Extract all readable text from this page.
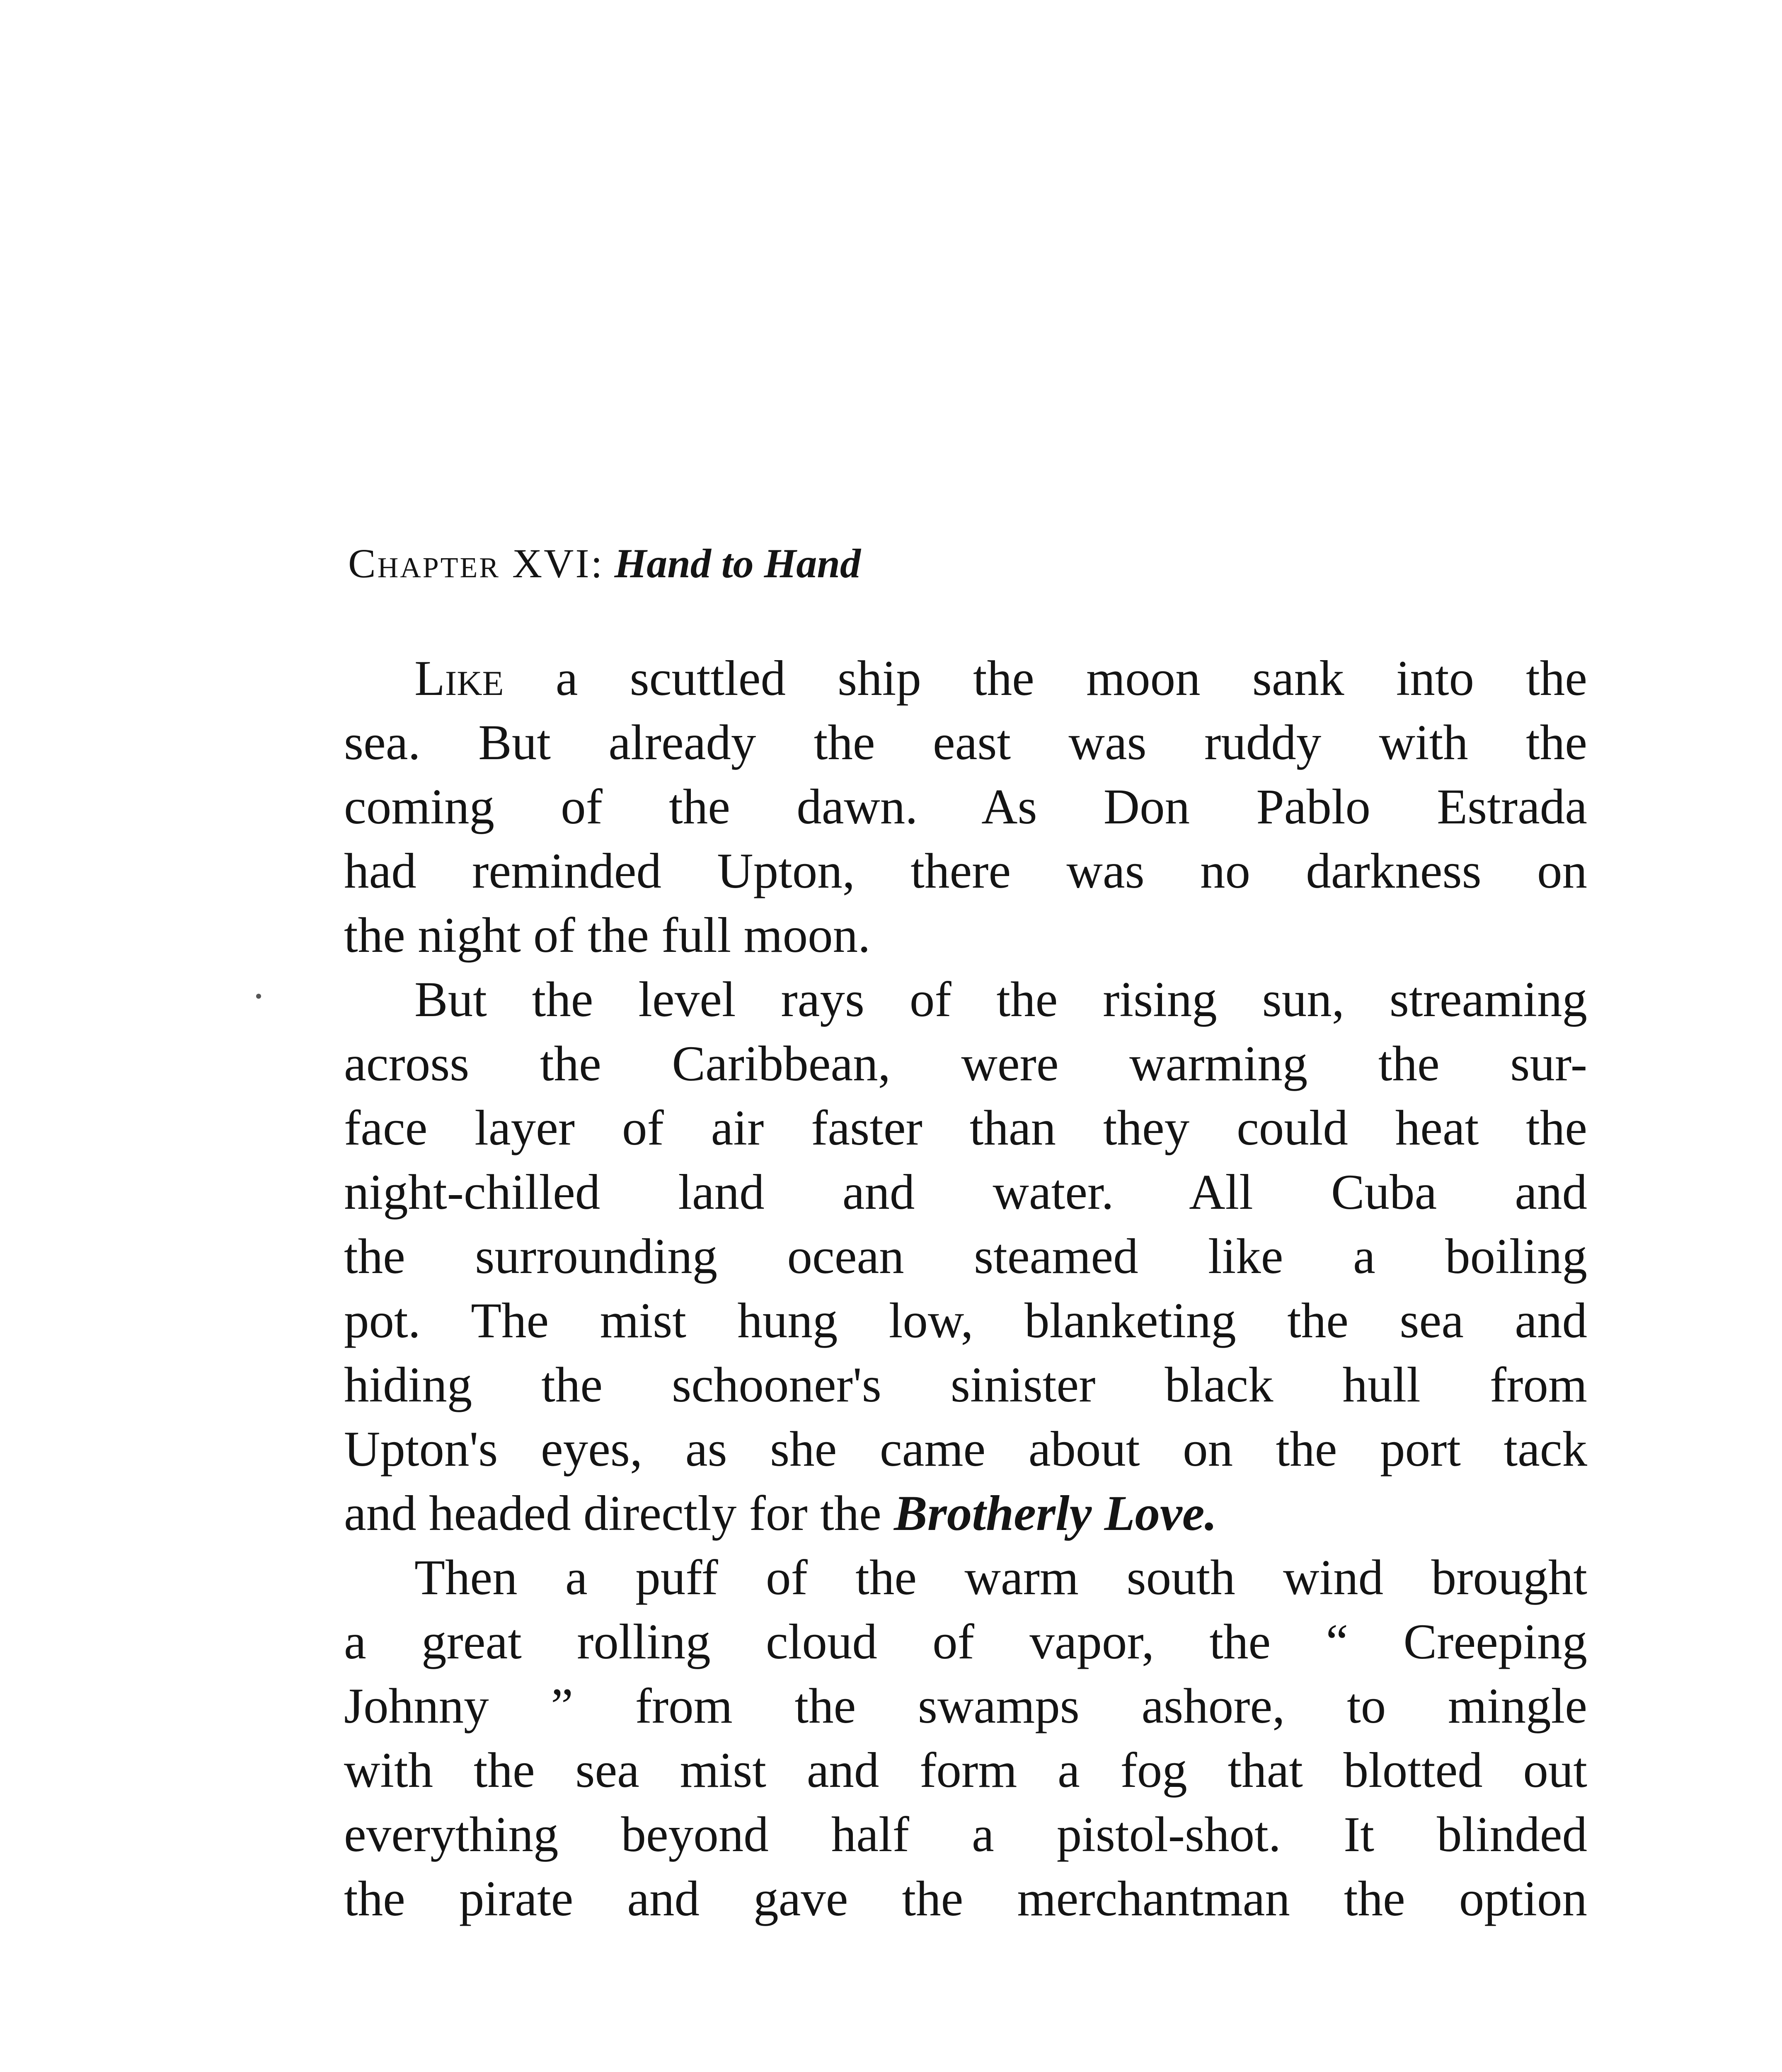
Chapter XVI: Hand to Hand
Like a scuttled ship the moon sank into the
sea. But already the east was ruddy with the
coming of the dawn. As Don Pablo Estrada
had reminded Upton, there was no darkness on
the night of the full moon.
But the level rays of the rising sun, streaming
across the Caribbean, were warming the sur-
face layer of air faster than they could heat the
night-chilled land and water. All Cuba and
the surrounding ocean steamed like a boiling
pot. The mist hung low, blanketing the sea and
hiding the schooner's sinister black hull from
Upton's eyes, as she came about on the port tack
and headed directly for the Brotherly Love.
Then a puff of the warm south wind brought
a great rolling cloud of vapor, the “ Creeping
Johnny ” from the swamps ashore, to mingle
with the sea mist and form a fog that blotted out
everything beyond half a pistol-shot. It blinded
the pirate and gave the merchantman the option
